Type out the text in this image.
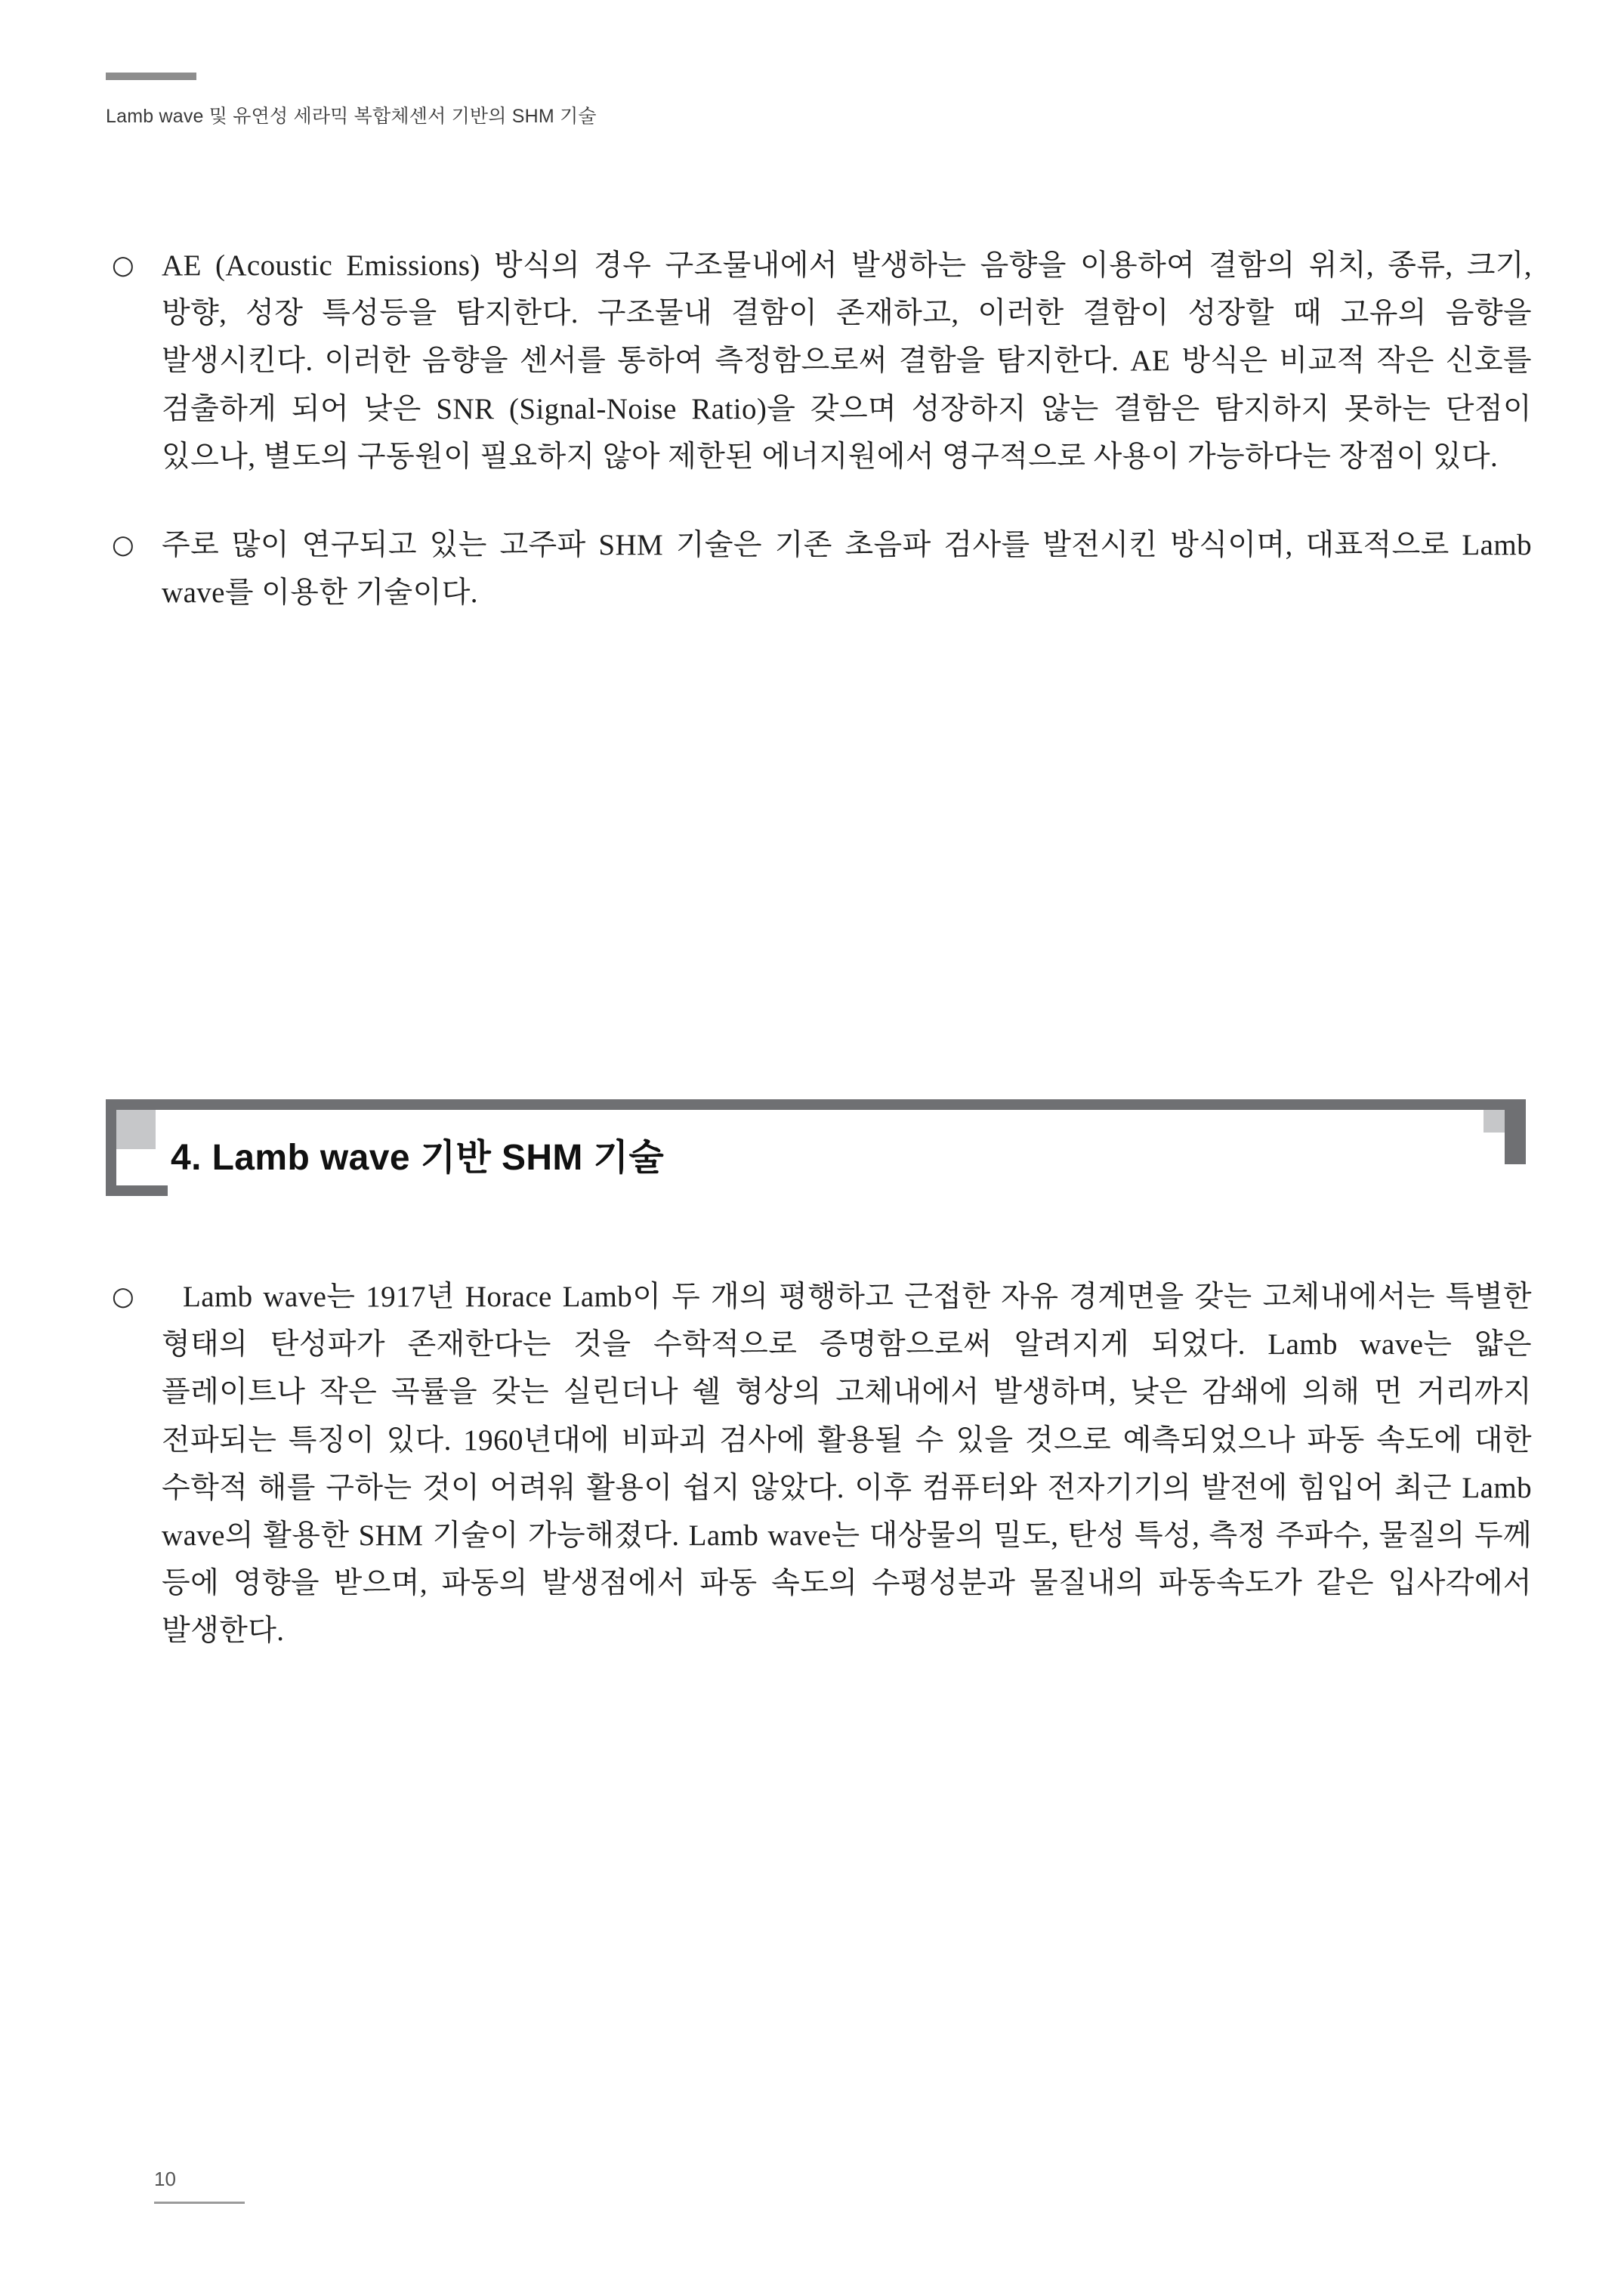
Lamb wave 및 유연성 세라믹 복합체센서 기반의 SHM 기술
○ AE (Acoustic Emissions) 방식의 경우 구조물내에서 발생하는 음향을 이용하여 결함의 위치, 종류, 크기, 방향, 성장 특성등을 탐지한다. 구조물내 결함이 존재하고, 이러한 결함이 성장할 때 고유의 음향을 발생시킨다. 이러한 음향을 센서를 통하여 측정함으로써 결함을 탐지한다. AE 방식은 비교적 작은 신호를 검출하게 되어 낮은 SNR (Signal-Noise Ratio)을 갖으며 성장하지 않는 결함은 탐지하지 못하는 단점이 있으나, 별도의 구동원이 필요하지 않아 제한된 에너지원에서 영구적으로 사용이 가능하다는 장점이 있다.
○ 주로 많이 연구되고 있는 고주파 SHM 기술은 기존 초음파 검사를 발전시킨 방식이며, 대표적으로 Lamb wave를 이용한 기술이다.
4. Lamb wave 기반 SHM 기술
○	Lamb wave는 1917년 Horace Lamb이 두 개의 평행하고 근접한 자유 경계면을 갖는 고체내에서는 특별한 형태의 탄성파가 존재한다는 것을 수학적으로 증명함으로써 알려지게 되었다. Lamb wave는 얇은 플레이트나 작은 곡률을 갖는 실린더나 쉘 형상의 고체내에서 발생하며, 낮은 감쇄에 의해 먼 거리까지 전파되는 특징이 있다. 1960년대에 비파괴 검사에 활용될 수 있을 것으로 예측되었으나 파동 속도에 대한 수학적 해를 구하는 것이 어려워 활용이 쉽지 않았다. 이후 컴퓨터와 전자기기의 발전에 힘입어 최근 Lamb wave의 활용한 SHM 기술이 가능해졌다. Lamb wave는 대상물의 밀도, 탄성 특성, 측정 주파수, 물질의 두께 등에 영향을 받으며, 파동의 발생점에서 파동 속도의 수평성분과 물질내의 파동속도가 같은 입사각에서 발생한다.
10
